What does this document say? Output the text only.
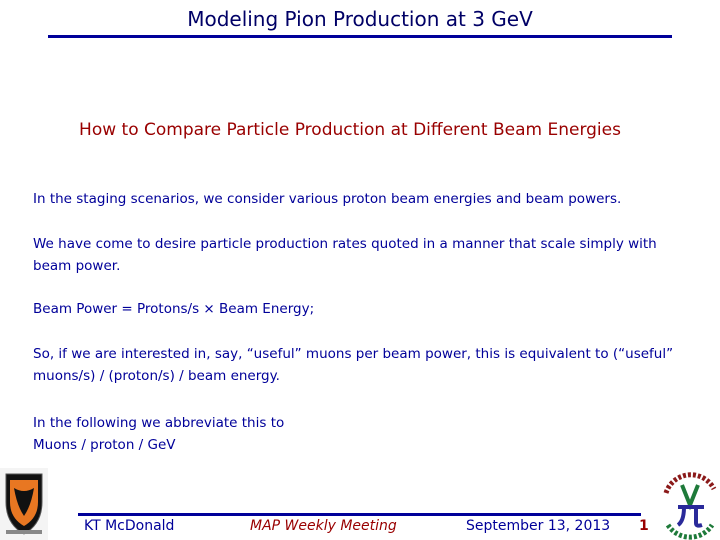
Modeling Pion Production at 3 GeV
How to Compare Particle Production at Different Beam Energies
In the staging scenarios, we consider various proton beam energies and beam powers.
We have come to desire particle production rates quoted in a manner that scale simply with beam power.
Beam Power = Protons/s × Beam Energy;
So, if we are interested in, say, “useful” muons per beam power, this is equivalent to (“useful” muons/s) / (proton/s) / beam energy.
In the following we abbreviate this to
Muons / proton / GeV
KT McDonald	MAP Weekly Meeting	September 13, 2013 1
